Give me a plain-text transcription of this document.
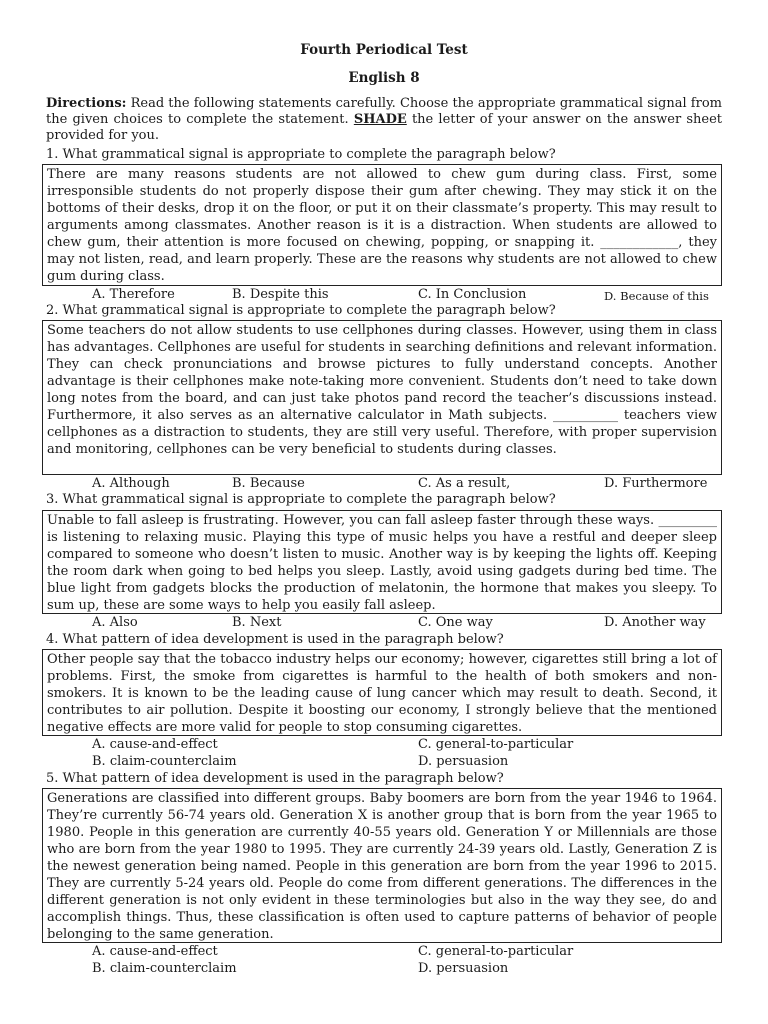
Fourth Periodical Test
English 8
Directions: Read the following statements carefully. Choose the appropriate grammatical signal from the given choices to complete the statement. SHADE the letter of your answer on the answer sheet provided for you.
1. What grammatical signal is appropriate to complete the paragraph below?
There are many reasons students are not allowed to chew gum during class. First, some irresponsible students do not properly dispose their gum after chewing. They may stick it on the bottoms of their desks, drop it on the floor, or put it on their classmate’s property. This may result to arguments among classmates. Another reason is it is a distraction. When students are allowed to chew gum, their attention is more focused on chewing, popping, or snapping it. ____________, they may not listen, read, and learn properly. These are the reasons why students are not allowed to chew gum during class.
A. Therefore	B. Despite this	C. In Conclusion	D. Because of this
2. What grammatical signal is appropriate to complete the paragraph below?
Some teachers do not allow students to use cellphones during classes. However, using them in class has advantages. Cellphones are useful for students in searching definitions and relevant information. They can check pronunciations and browse pictures to fully understand concepts. Another advantage is their cellphones make note-taking more convenient. Students don’t need to take down long notes from the board, and can just take photos pand record the teacher’s discussions instead. Furthermore, it also serves as an alternative calculator in Math subjects. __________ teachers view cellphones as a distraction to students, they are still very useful. Therefore, with proper supervision and monitoring, cellphones can be very beneficial to students during classes.
A. Although	B. Because	C. As a result,	D. Furthermore
3. What grammatical signal is appropriate to complete the paragraph below?
Unable to fall asleep is frustrating. However, you can fall asleep faster through these ways. _________ is listening to relaxing music. Playing this type of music helps you have a restful and deeper sleep compared to someone who doesn’t listen to music. Another way is by keeping the lights off. Keeping the room dark when going to bed helps you sleep. Lastly, avoid using gadgets during bed time. The blue light from gadgets blocks the production of melatonin, the hormone that makes you sleepy. To sum up, these are some ways to help you easily fall asleep.
A. Also	B. Next	C. One way	D. Another way
4. What pattern of idea development is used in the paragraph below?
Other people say that the tobacco industry helps our economy; however, cigarettes still bring a lot of problems. First, the smoke from cigarettes is harmful to the health of both smokers and non-smokers. It is known to be the leading cause of lung cancer which may result to death. Second, it contributes to air pollution. Despite it boosting our economy, I strongly believe that the mentioned negative effects are more valid for people to stop consuming cigarettes.
A. cause-and-effect	C. general-to-particular
B. claim-counterclaim	D. persuasion
5. What pattern of idea development is used in the paragraph below?
Generations are classified into different groups. Baby boomers are born from the year 1946 to 1964. They’re currently 56-74 years old. Generation X is another group that is born from the year 1965 to 1980. People in this generation are currently 40-55 years old. Generation Y or Millennials are those who are born from the year 1980 to 1995. They are currently 24-39 years old. Lastly, Generation Z is the newest generation being named. People in this generation are born from the year 1996 to 2015. They are currently 5-24 years old. People do come from different generations. The differences in the different generation is not only evident in these terminologies but also in the way they see, do and accomplish things. Thus, these classification is often used to capture patterns of behavior of people belonging to the same generation.
A. cause-and-effect	C. general-to-particular
B. claim-counterclaim	D. persuasion
